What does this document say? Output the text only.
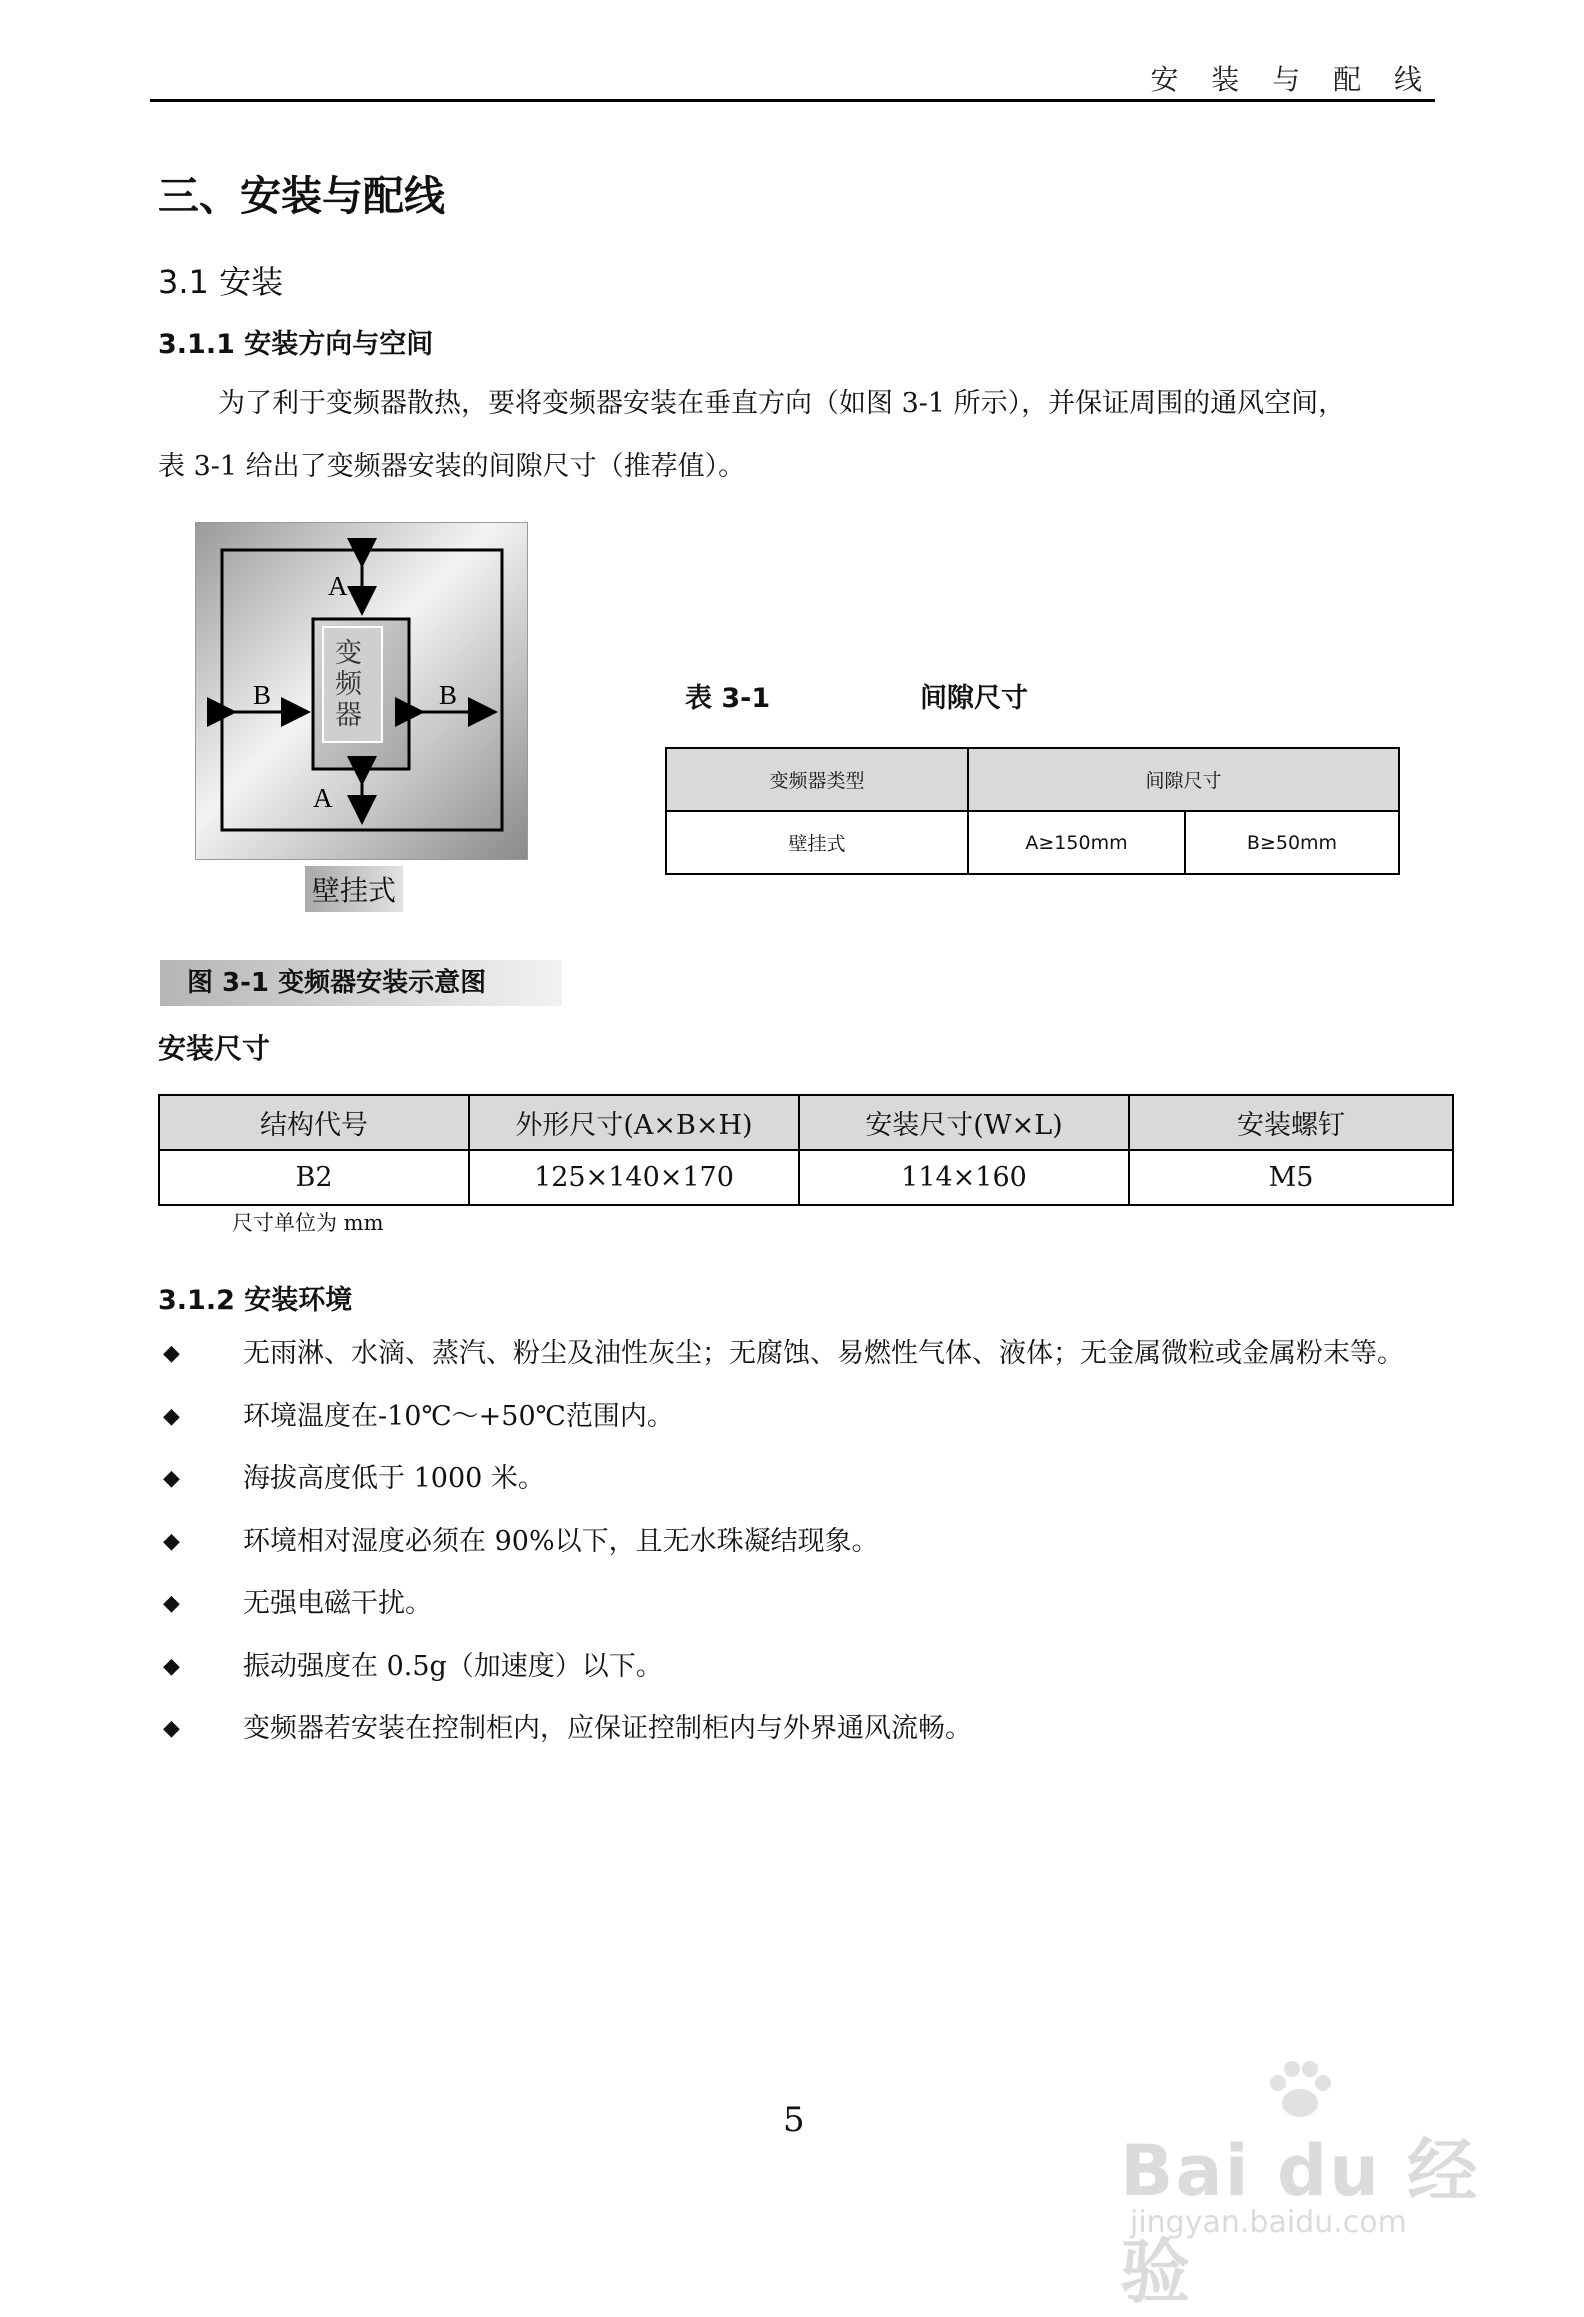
安 装 与 配 线
三、安装与配线
3.1 安装
3.1.1 安装方向与空间
为了利于变频器散热，要将变频器安装在垂直方向（如图 3-1 所示），并保证周围的通风空间，
表 3-1 给出了变频器安装的间隙尺寸（推荐值）。
A
A
B	B
变
频
器
壁挂式
图 3-1 变频器安装示意图
表 3-1	间隙尺寸
变频器类型	间隙尺寸	
壁挂式	A≥150mm	B≥50mm
安装尺寸
结构代号	外形尺寸(A×B×H)	安装尺寸(W×L)	安装螺钉
B2	125×140×170	114×160	M5
尺寸单位为 mm
3.1.2 安装环境
◆ 无雨淋、水滴、蒸汽、粉尘及油性灰尘；无腐蚀、易燃性气体、液体；无金属微粒或金属粉末等。
◆ 环境温度在-10℃～+50℃范围内。
◆ 海拔高度低于 1000 米。
◆ 环境相对湿度必须在 90%以下，且无水珠凝结现象。
◆ 无强电磁干扰。
◆ 振动强度在 0.5g（加速度）以下。
◆ 变频器若安装在控制柜内，应保证控制柜内与外界通风流畅。
5
Bai du 经验
jingyan.baidu.com
